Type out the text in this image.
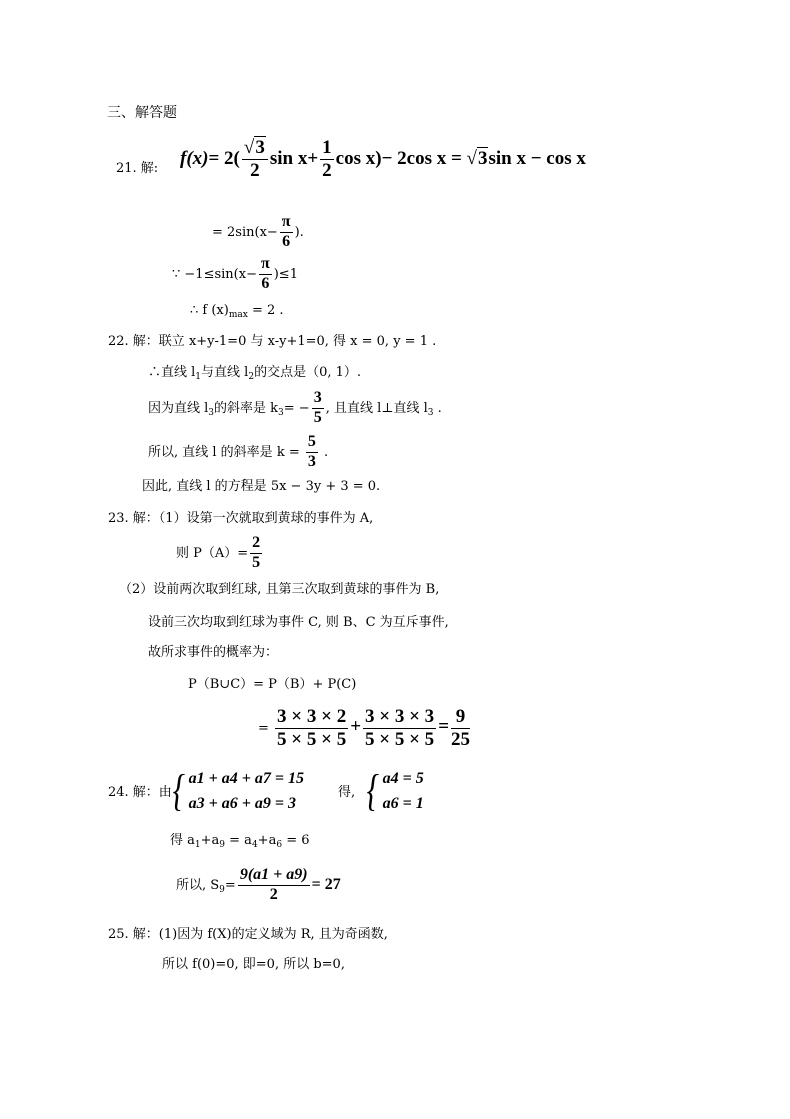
三、解答题
21. 解: $f(x)= 2( \frac{√3}{2}$ $\sin x+ \frac{1}{2}$ cos x)− 2cos x = √3sin x − cos x
= $2\sin(x- \frac{\pi}{6}$ ).
∵ $-1\le\sin(x- \frac{\pi}{6} )\le 1$
∴ f $(x)_{max} = 2$ .
22. 解：联立 x+y-1=0 与 x-y+1=0, 得 x = 0, y = 1 .
∴直线 $l_1$与直线 $l_2$的交点是（0, 1）.
因为直线 $l_3$的斜率是 $k_3= - \frac{3}{5}$ , 且直线 l⊥直线 $l_3$ .
所以, 直线 l 的斜率是 $k = \frac{5}{3}$ .
因此, 直线 l 的方程是 5x − 3y + 3 = 0.
23. 解：（1）设第一次就取到黄球的事件为 A,
则 $P(A)= \frac{2}{5}$
（2）设前两次取到红球, 且第三次取到黄球的事件为 B,
设前三次均取到红球为事件 C, 则 B、C 为互斥事件,
故所求事件的概率为：
P（B∪C）= P（B）+ P(C)
= $\frac{3 \times 3 \times 2}{5 \times 5 \times 5} + \frac{3 \times 3 \times 3}{5 \times 5 \times 5} = \frac{9}{25}$
24. 解：由 { a1 + a4 + a7 = 15
a3 + a6 + a9 = 3
得, { a4 = 5
a6 = 1
得 $a_1+a_9 = a_4+a_6 = 6$
所以, $S_9= \frac{9(a1 + a9)}{2} = 27$
25. 解：(1)因为 f(X)的定义域为 R, 且为奇函数,
所以 f(0)=0, 即=0, 所以 b=0,
